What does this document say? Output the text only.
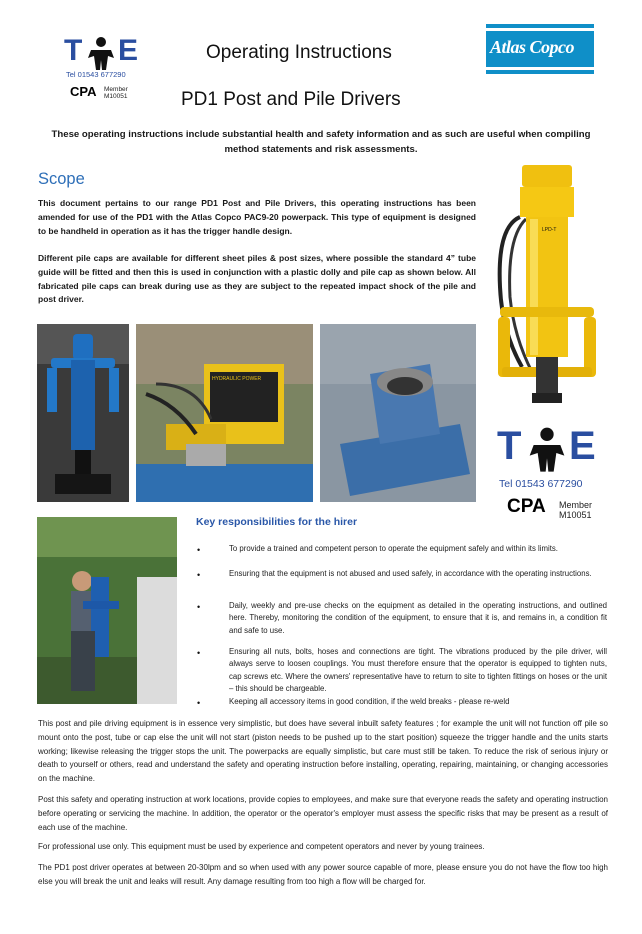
T E
Tel 01543 677290
CPA	Member
M10051
Operating Instructions
PD1 Post and Pile Drivers
Atlas Copco
These operating instructions include substantial health and safety information and as such are useful when compiling
method statements and risk assessments.
Scope
This document pertains to our range PD1 Post and Pile Drivers, this operating instructions has been amended for use of the PD1 with the Atlas Copco PAC9-20 powerpack. This type of equipment is designed to be handheld in operation as it has the trigger handle design.
Different pile caps are available for different sheet piles & post sizes, where possible the standard 4” tube guide will be fitted and then this is used in conjunction with a plastic dolly and pile cap as shown below. All fabricated pile caps can break during use as they are subject to the repeated impact shock of the pile and post driver.
LPD-T
T E
Tel 01543 677290
CPA Member
M10051
HYDRAULIC POWER
Key responsibilities for the hirer
•	To provide a trained and competent person to operate the equipment safely and within its limits.
•	Ensuring that the equipment is not abused and used safely, in accordance with the operating instructions.
•	Daily, weekly and pre-use checks on the equipment as detailed in the operating instructions, and outlined here. Thereby, monitoring the condition of the equipment, to ensure that it is, and remains in, a condition fit and safe to use.
•	Ensuring all nuts, bolts, hoses and connections are tight. The vibrations produced by the pile driver, will always serve to loosen couplings. You must therefore ensure that the operator is equipped to tighten nuts, cap screws etc. Where the owners' representative have to return to site to tighten fittings on hoses or the unit – this should be chargeable.
•	Keeping all accessory items in good condition, if the weld breaks - please re-weld
This post and pile driving equipment is in essence very simplistic, but does have several inbuilt safety features ; for example the unit will not function off pile so mount onto the post, tube or cap else the unit will not start (piston needs to be pushed up to the start position) squeeze the trigger handle and the units starts working; likewise releasing the trigger stops the unit. The powerpacks are equally simplistic, but care must still be taken. To reduce the risk of serious injury or death to yourself or others, read and understand the safety and operating instruction before installing, operating, repairing, maintaining, or changing accessories on the machine.
Post this safety and operating instruction at work locations, provide copies to employees, and make sure that everyone reads the safety and operating instruction before operating or servicing the machine. In addition, the operator or the operator's employer must assess the specific risks that may be present as a result of each use of the machine.
For professional use only. This equipment must be used by experience and competent operators and never by young trainees.
The PD1 post driver operates at between 20-30lpm and so when used with any power source capable of more, please ensure you do not have the flow too high else you will break the unit and leaks will result. Any damage resulting from too high a flow will be charged for.
